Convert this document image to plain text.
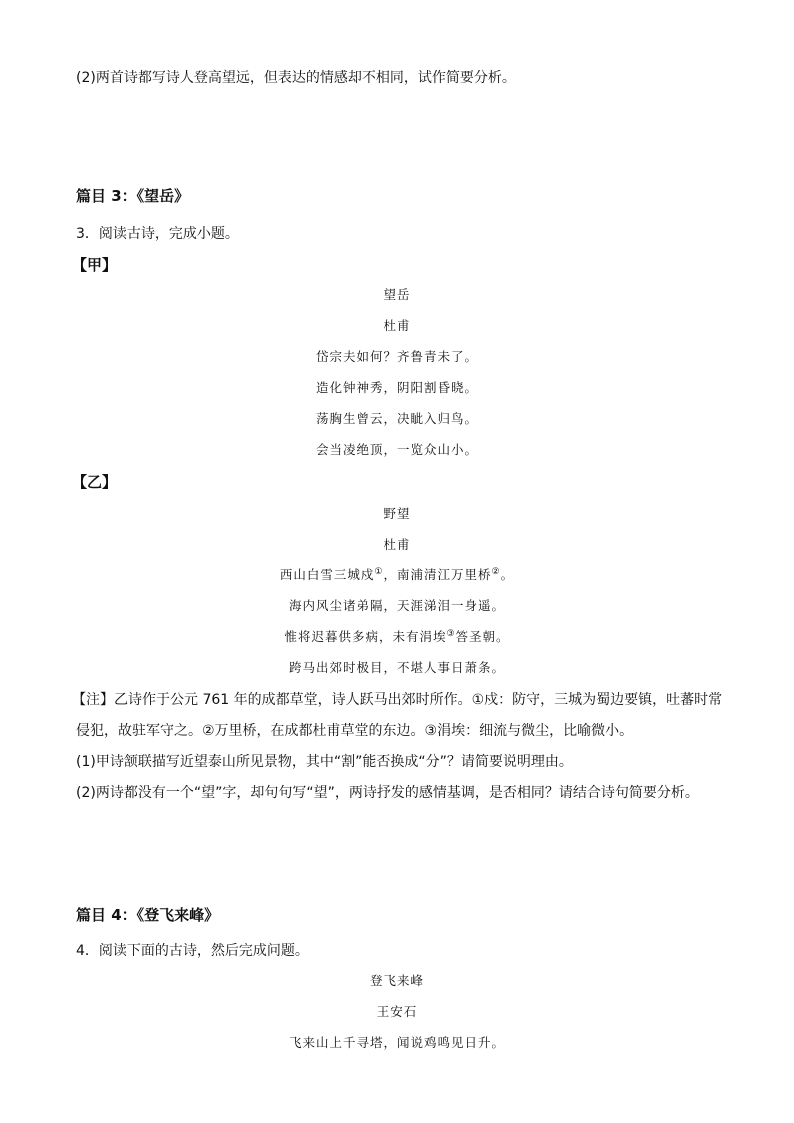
(2)两首诗都写诗人登高望远，但表达的情感却不相同，试作简要分析。
篇目 3：《望岳》
3．阅读古诗，完成小题。
【甲】
望岳
杜甫
岱宗夫如何？齐鲁青未了。
造化钟神秀，阴阳割昏晓。
荡胸生曾云，决眦入归鸟。
会当凌绝顶，一览众山小。
【乙】
野望
杜甫
西山白雪三城戍①，南浦清江万里桥②。
海内风尘诸弟隔，天涯涕泪一身遥。
惟将迟暮供多病，未有涓埃③答圣朝。
跨马出郊时极目，不堪人事日萧条。
【注】乙诗作于公元 761 年的成都草堂，诗人跃马出郊时所作。①戍：防守，三城为蜀边要镇，吐蕃时常
侵犯，故驻军守之。②万里桥，在成都杜甫草堂的东边。③涓埃：细流与微尘，比喻微小。
(1)甲诗颔联描写近望泰山所见景物，其中“割”能否换成“分”？请简要说明理由。
(2)两诗都没有一个“望”字，却句句写“望”，两诗抒发的感情基调，是否相同？请结合诗句简要分析。
篇目 4：《登飞来峰》
4．阅读下面的古诗，然后完成问题。
登飞来峰
王安石
飞来山上千寻塔，闻说鸡鸣见日升。
